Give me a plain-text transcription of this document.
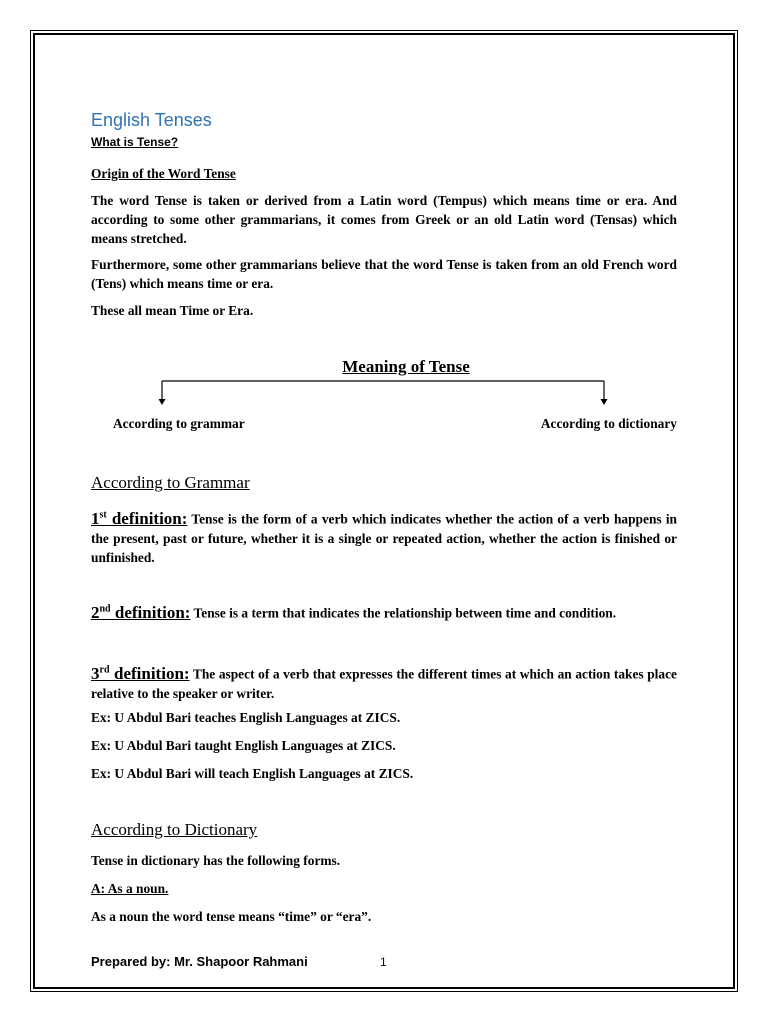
English Tenses
What is Tense?
Origin of the Word Tense
The word Tense is taken or derived from a Latin word (Tempus) which means time or era. And according to some other grammarians, it comes from Greek or an old Latin word (Tensas) which means stretched.
Furthermore, some other grammarians believe that the word Tense is taken from an old French word (Tens) which means time or era.
These all mean Time or Era.
Meaning of Tense
According to grammar	According to dictionary
According to Grammar
1st definition: Tense is the form of a verb which indicates whether the action of a verb happens in the present, past or future, whether it is a single or repeated action, whether the action is finished or unfinished.
2nd definition: Tense is a term that indicates the relationship between time and condition.
3rd definition: The aspect of a verb that expresses the different times at which an action takes place relative to the speaker or writer.
Ex: U Abdul Bari teaches English Languages at ZICS.
Ex: U Abdul Bari taught English Languages at ZICS.
Ex: U Abdul Bari will teach English Languages at ZICS.
According to Dictionary
Tense in dictionary has the following forms.
A: As a noun.
As a noun the word tense means “time” or “era”.
Prepared by: Mr. Shapoor Rahmani	1
